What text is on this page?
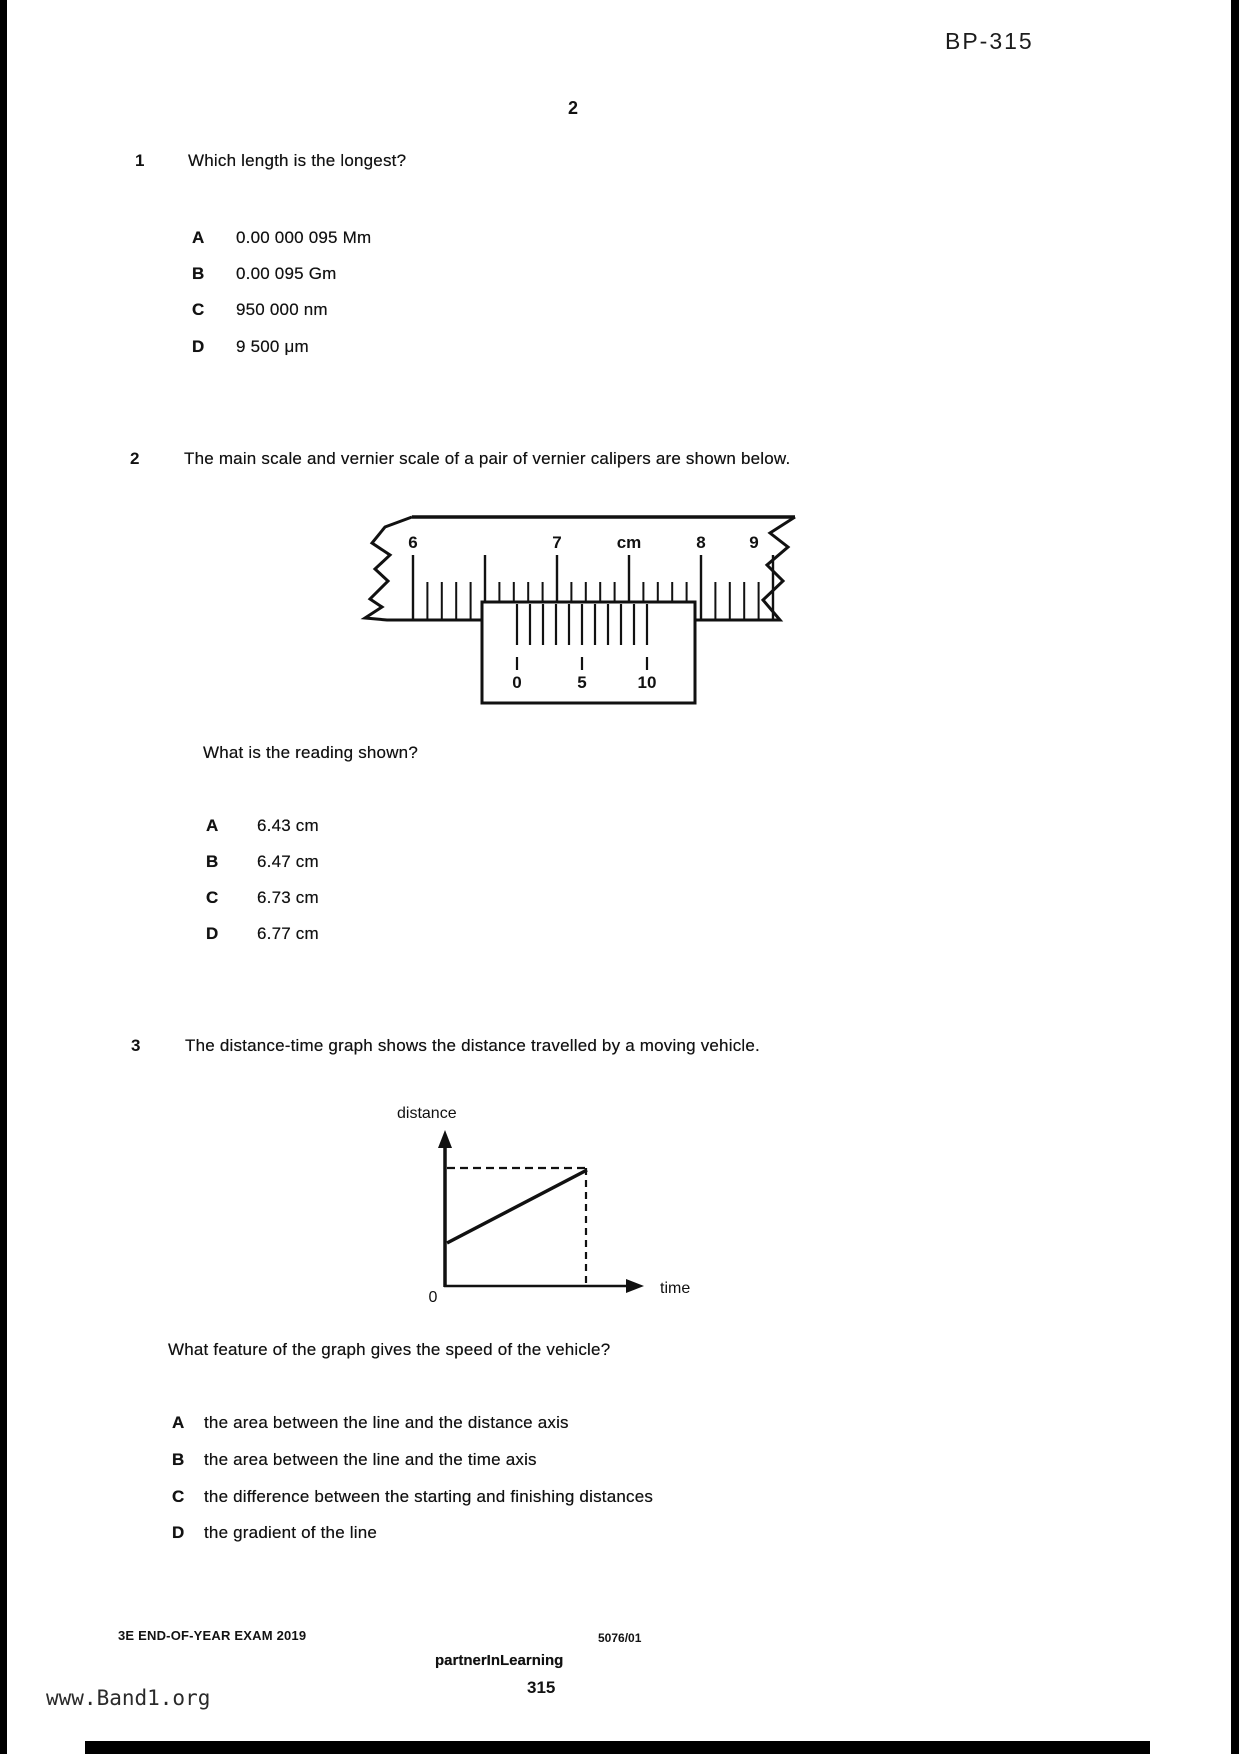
BP-315
2
1	Which length is the longest?
A 0.00 000 095 Mm
B 0.00 095 Gm
C 950 000 nm
D 9 500 μm
2	The main scale and vernier scale of a pair of vernier calipers are shown below.
6	7	cm	8	9
0	5	10
What is the reading shown?
A 6.43 cm
B 6.47 cm
C 6.73 cm
D 6.77 cm
3	The distance-time graph shows the distance travelled by a moving vehicle.
distance
time
0
What feature of the graph gives the speed of the vehicle?
A the area between the line and the distance axis
B the area between the line and the time axis
C the difference between the starting and finishing distances
D the gradient of the line
3E END-OF-YEAR EXAM 2019	5076/01
partnerInLearning
315
www.Band1.org
